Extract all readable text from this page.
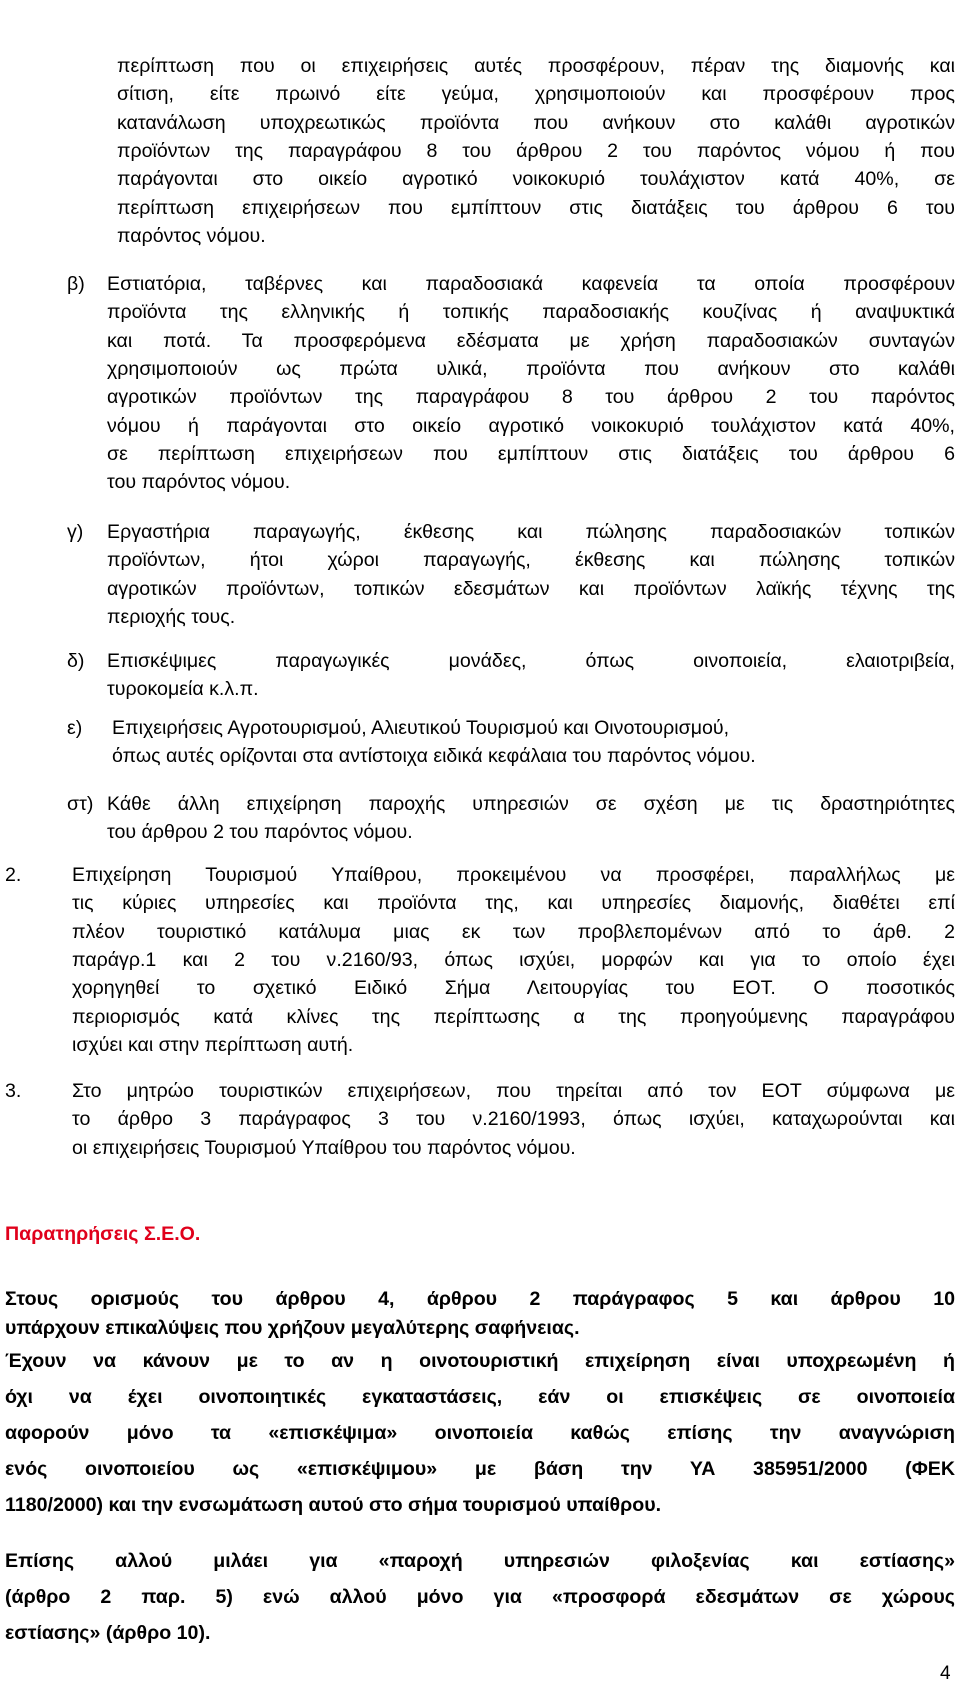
περίπτωση που οι επιχειρήσεις αυτές προσφέρουν, πέραν της διαμονής και
σίτιση, είτε πρωινό είτε γεύμα, χρησιμοποιούν και προσφέρουν προς
κατανάλωση υποχρεωτικώς προϊόντα που ανήκουν στο καλάθι αγροτικών
προϊόντων της παραγράφου 8 του άρθρου 2 του παρόντος νόμου ή που
παράγονται στο οικείο αγροτικό νοικοκυριό τουλάχιστον κατά 40%, σε
περίπτωση επιχειρήσεων που εμπίπτουν στις διατάξεις του άρθρου 6 του
παρόντος νόμου.
β) Εστιατόρια, ταβέρνες και παραδοσιακά καφενεία τα οποία προσφέρουν
προϊόντα της ελληνικής ή τοπικής παραδοσιακής κουζίνας ή αναψυκτικά
και ποτά. Τα προσφερόμενα εδέσματα με χρήση παραδοσιακών συνταγών
χρησιμοποιούν ως πρώτα υλικά, προϊόντα που ανήκουν στο καλάθι
αγροτικών προϊόντων της παραγράφου 8 του άρθρου 2 του παρόντος
νόμου ή παράγονται στο οικείο αγροτικό νοικοκυριό τουλάχιστον κατά 40%,
σε περίπτωση επιχειρήσεων που εμπίπτουν στις διατάξεις του άρθρου 6
του παρόντος νόμου.
γ) Εργαστήρια παραγωγής, έκθεσης και πώλησης παραδοσιακών τοπικών
προϊόντων, ήτοι χώροι παραγωγής, έκθεσης και πώλησης τοπικών
αγροτικών προϊόντων, τοπικών εδεσμάτων και προϊόντων λαϊκής τέχνης της
περιοχής τους.
δ) Επισκέψιμες παραγωγικές μονάδες, όπως οινοποιεία, ελαιοτριβεία,
τυροκομεία κ.λ.π.
ε) Επιχειρήσεις Αγροτουρισμού, Αλιευτικού Τουρισμού και Οινοτουρισμού,
όπως αυτές ορίζονται στα αντίστοιχα ειδικά κεφάλαια του παρόντος νόμου.
στ) Κάθε άλλη επιχείρηση παροχής υπηρεσιών σε σχέση με τις δραστηριότητες
του άρθρου 2 του παρόντος νόμου.
2.	Επιχείρηση Τουρισμού Υπαίθρου, προκειμένου να προσφέρει, παραλλήλως με
τις κύριες υπηρεσίες και προϊόντα της, και υπηρεσίες διαμονής, διαθέτει επί
πλέον τουριστικό κατάλυμα μιας εκ των προβλεπομένων από το άρθ. 2
παράγρ.1 και 2 του ν.2160/93, όπως ισχύει, μορφών και για το οποίο έχει
χορηγηθεί το σχετικό Ειδικό Σήμα Λειτουργίας του ΕΟΤ. Ο ποσοτικός
περιορισμός κατά κλίνες της περίπτωσης α της προηγούμενης παραγράφου
ισχύει και στην περίπτωση αυτή.
3.	Στο μητρώο τουριστικών επιχειρήσεων, που τηρείται από τον ΕΟΤ σύμφωνα με
το άρθρο 3 παράγραφος 3 του ν.2160/1993, όπως ισχύει, καταχωρούνται και
οι επιχειρήσεις Τουρισμού Υπαίθρου του παρόντος νόμου.
Παρατηρήσεις Σ.Ε.Ο.
Στους ορισμούς του άρθρου 4, άρθρου 2 παράγραφος 5 και άρθρου 10
υπάρχουν επικαλύψεις που χρήζουν μεγαλύτερης σαφήνειας.
Έχουν να κάνουν με το αν η οινοτουριστική επιχείρηση είναι υποχρεωμένη ή
όχι να έχει οινοποιητικές εγκαταστάσεις, εάν οι επισκέψεις σε οινοποιεία
αφορούν μόνο τα «επισκέψιμα» οινοποιεία καθώς επίσης την αναγνώριση
ενός οινοποιείου ως «επισκέψιμου» με βάση την ΥΑ 385951/2000 (ΦΕΚ
1180/2000) και την ενσωμάτωση αυτού στο σήμα τουρισμού υπαίθρου.
Επίσης αλλού μιλάει για «παροχή υπηρεσιών φιλοξενίας και εστίασης»
(άρθρο 2 παρ. 5) ενώ αλλού μόνο για «προσφορά εδεσμάτων σε χώρους
εστίασης» (άρθρο 10).
4
